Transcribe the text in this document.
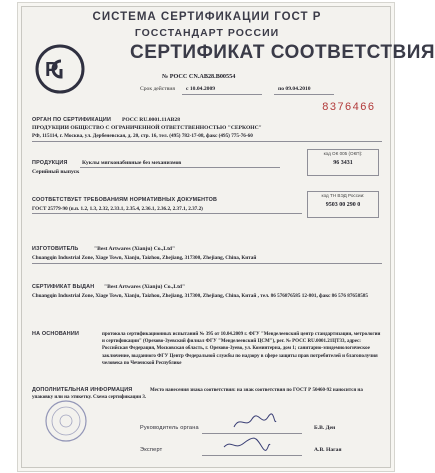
СИСТЕМА СЕРТИФИКАЦИИ ГОСТ Р
ГОССТАНДАРТ РОССИИ
Р
СЕРТИФИКАТ СООТВЕТСТВИЯ
№ РОСС CN.АВ28.В00554
Срок действия с 10.04.2009	по 09.04.2010
8376466
ОРГАН ПО СЕРТИФИКАЦИИ РОСС RU.0001.11АВ28
ПРОДУКЦИИ ОБЩЕСТВО С ОГРАНИЧЕННОЙ ОТВЕТСТВЕННОСТЬЮ "СЕРКОНС"
РФ, 115114, г. Москва, ул. Дербеневская, д. 20, стр. 16, тел. (495) 782-17-08, факс (495) 775-76-60
ПРОДУКЦИЯ	Куклы мягконабивные без механизмов
Серийный выпуск
код ОК 005 (ОКП):
96 3431
СООТВЕТСТВУЕТ ТРЕБОВАНИЯМ НОРМАТИВНЫХ ДОКУМЕНТОВ
ГОСТ 25779-90 (п.п. 1.2, 1.3, 2.32, 2.33.1, 2.35.4, 2.36.1, 2.36.2, 2.37.1, 2.37.2)
код ТН ВЭД России:
9503 00 290 0
ИЗГОТОВИТЕЛЬ	"Best Artwares (Xianju) Co.,Ltd"
Chuangqin Industrial Zone, Xiage Town, Xianju, Taizhou, Zhejiang, 317300, Zhejiang, China, Китай
СЕРТИФИКАТ ВЫДАН "Best Artwares (Xianju) Co.,Ltd"
Chuangqin Industrial Zone, Xiage Town, Xianju, Taizhou, Zhejiang, 317300, Zhejiang, China, Китай , тел. 86 576876585 12-801, факс 86 576 87658585
НА ОСНОВАНИИ	протокола сертификационных испытаний № 395 от 10.04.2009 г. ФГУ "Менделеевский центр стандартизации, метрологии и сертификации" (Орехово-Зуевский филиал ФГУ "Менделеевский ЦСМ"), рег. № РОСС RU.0001.21ЦТ33, адрес: Российская Федерация, Московская область, г. Орехово-Зуево, ул. Коминтерна, дом 1; санитарно-эпидемиологическое заключение, выданного ФГУ Центр Федеральной службы по надзору в сфере защиты прав потребителей и благополучия человека по Чеченской Республике
ДОПОЛНИТЕЛЬНАЯ ИНФОРМАЦИЯ	Место нанесения знака соответствия: на знак соответствия по ГОСТ Р 50460-92 наносится на упаковку или на этикетку. Схема сертификации 3.
Руководитель органа	Б.В. Ден
Эксперт	А.В. Нагая
